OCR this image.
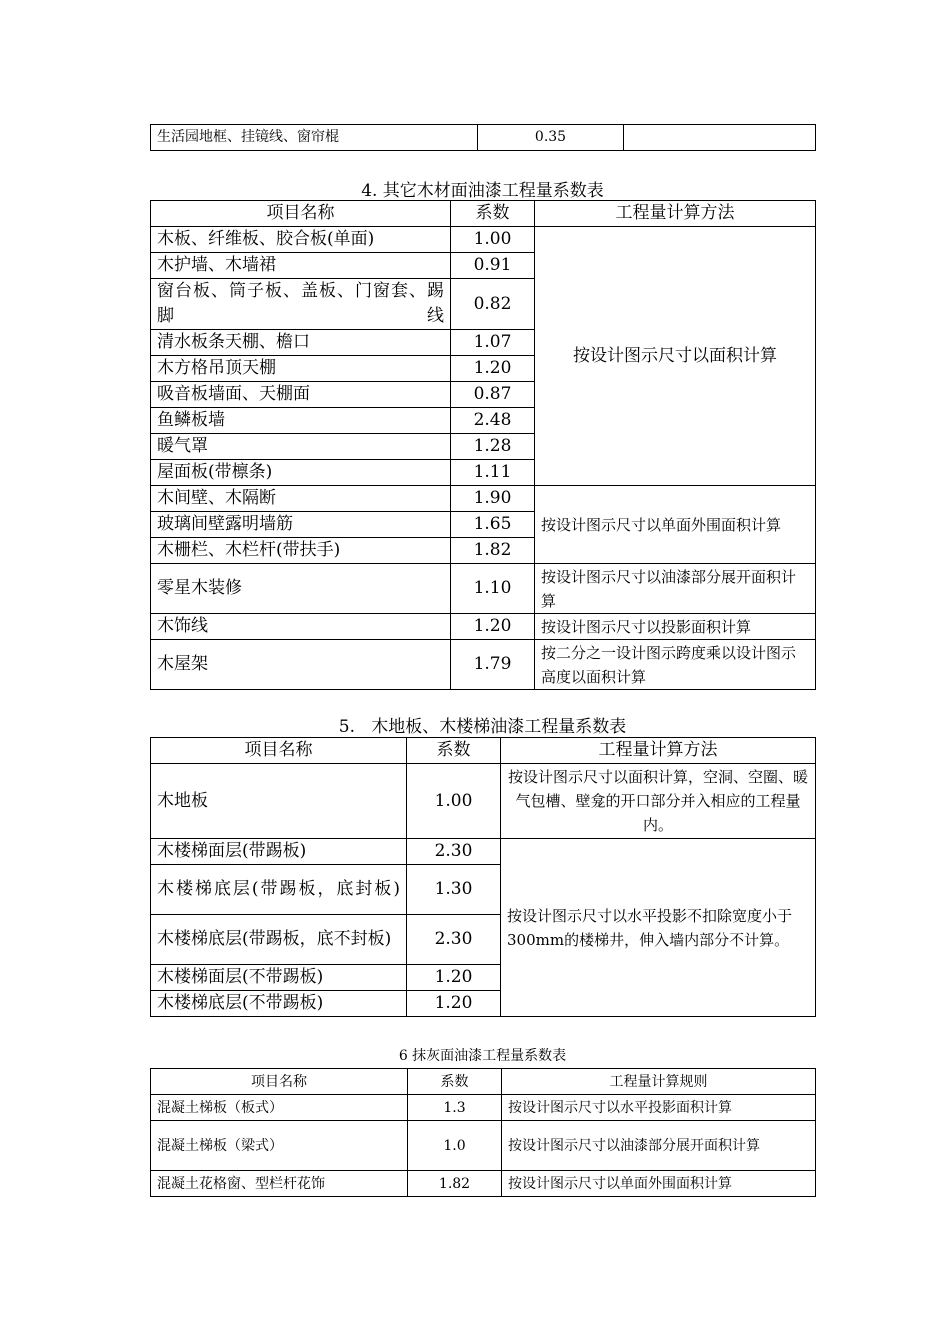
生活园地框、挂镜线、窗帘棍	0.35	
4. 其它木材面油漆工程量系数表
项目名称	系数	工程量计算方法
木板、纤维板、胶合板(单面)	1.00	按设计图示尺寸以面积计算
木护墙、木墙裙	0.91	
窗台板、筒子板、盖板、门窗套、踢脚线	0.82	
清水板条天棚、檐口	1.07	
木方格吊顶天棚	1.20	
吸音板墙面、天棚面	0.87	
鱼鳞板墙	2.48	
暖气罩	1.28	
屋面板(带檩条)	1.11	
木间壁、木隔断	1.90	按设计图示尺寸以单面外围面积计算
玻璃间壁露明墙筋	1.65	
木栅栏、木栏杆(带扶手)	1.82	
零星木装修	1.10	按设计图示尺寸以油漆部分展开面积计算
木饰线	1.20	按设计图示尺寸以投影面积计算
木屋架	1.79	按二分之一设计图示跨度乘以设计图示高度以面积计算
5.   木地板、木楼梯油漆工程量系数表
项目名称	系数	工程量计算方法
木地板	1.00	按设计图示尺寸以面积计算，空洞、空圈、暖气包槽、壁龛的开口部分并入相应的工程量内。
木楼梯面层(带踢板)	2.30	按设计图示尺寸以水平投影不扣除宽度小于300mm的楼梯井，伸入墙内部分不计算。
木楼梯底层(带踢板，底封板)	1.30	
木楼梯底层(带踢板，底不封板)	2.30	
木楼梯面层(不带踢板)	1.20	
木楼梯底层(不带踢板)	1.20	
6 抹灰面油漆工程量系数表
项目名称	系数	工程量计算规则
混凝土梯板（板式）	1.3	按设计图示尺寸以水平投影面积计算
混凝土梯板（梁式）	1.0	按设计图示尺寸以油漆部分展开面积计算
混凝土花格窗、型栏杆花饰	1.82	按设计图示尺寸以单面外围面积计算
